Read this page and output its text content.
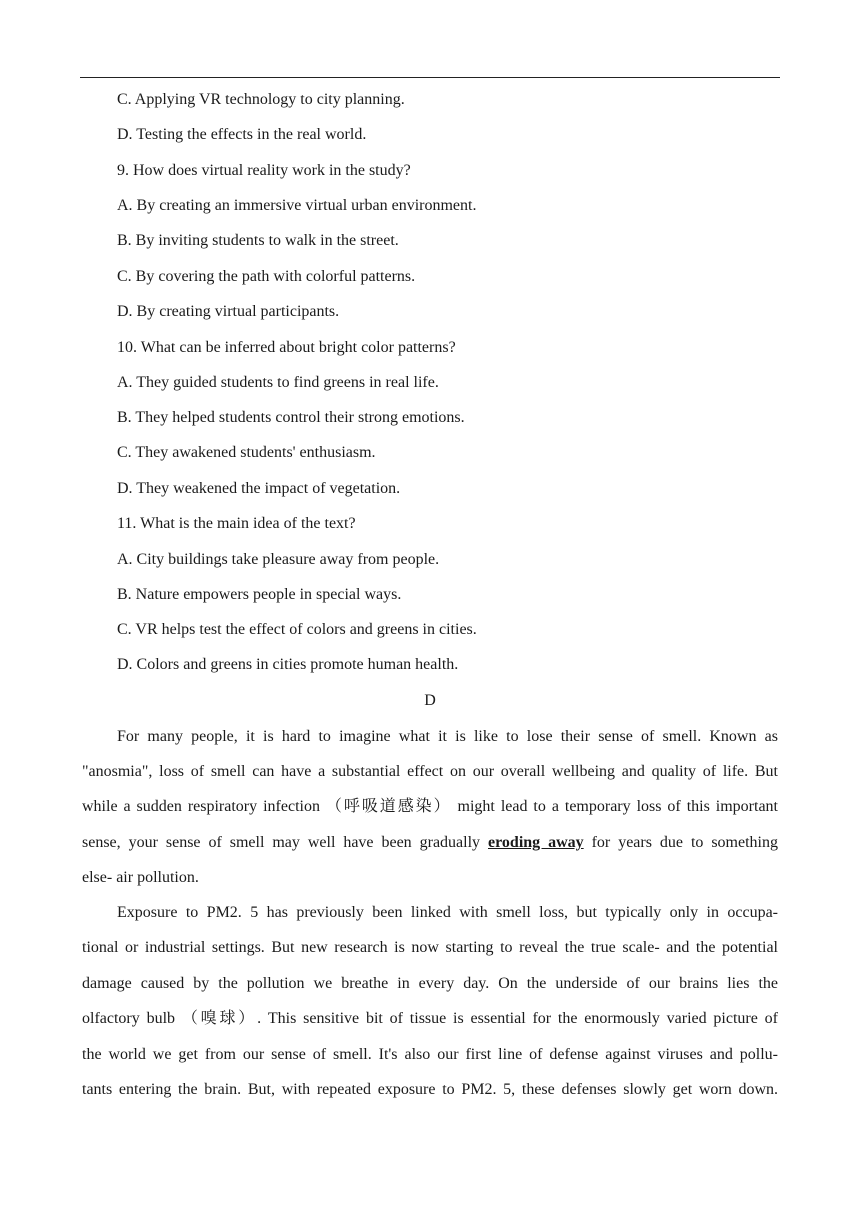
C. Applying VR technology to city planning.
D. Testing the effects in the real world.
9. How does virtual reality work in the study?
A. By creating an immersive virtual urban environment.
B. By inviting students to walk in the street.
C. By covering the path with colorful patterns.
D. By creating virtual participants.
10. What can be inferred about bright color patterns?
A. They guided students to find greens in real life.
B. They helped students control their strong emotions.
C. They awakened students' enthusiasm.
D. They weakened the impact of vegetation.
11. What is the main idea of the text?
A. City buildings take pleasure away from people.
B. Nature empowers people in special ways.
C. VR helps test the effect of colors and greens in cities.
D. Colors and greens in cities promote human health.
D
For many people, it is hard to imagine what it is like to lose their sense of smell. Known as
"anosmia", loss of smell can have a substantial effect on our overall wellbeing and quality of life. But
while a sudden respiratory infection （呼吸道感染） might lead to a temporary loss of this important
sense, your sense of smell may well have been gradually eroding away for years due to something
else- air pollution.
Exposure to PM2. 5 has previously been linked with smell loss, but typically only in occupa-
tional or industrial settings. But new research is now starting to reveal the true scale- and the potential
damage caused by the pollution we breathe in every day. On the underside of our brains lies the
olfactory bulb （嗅球）. This sensitive bit of tissue is essential for the enormously varied picture of
the world we get from our sense of smell. It's also our first line of defense against viruses and pollu-
tants entering the brain. But, with repeated exposure to PM2. 5, these defenses slowly get worn down.
